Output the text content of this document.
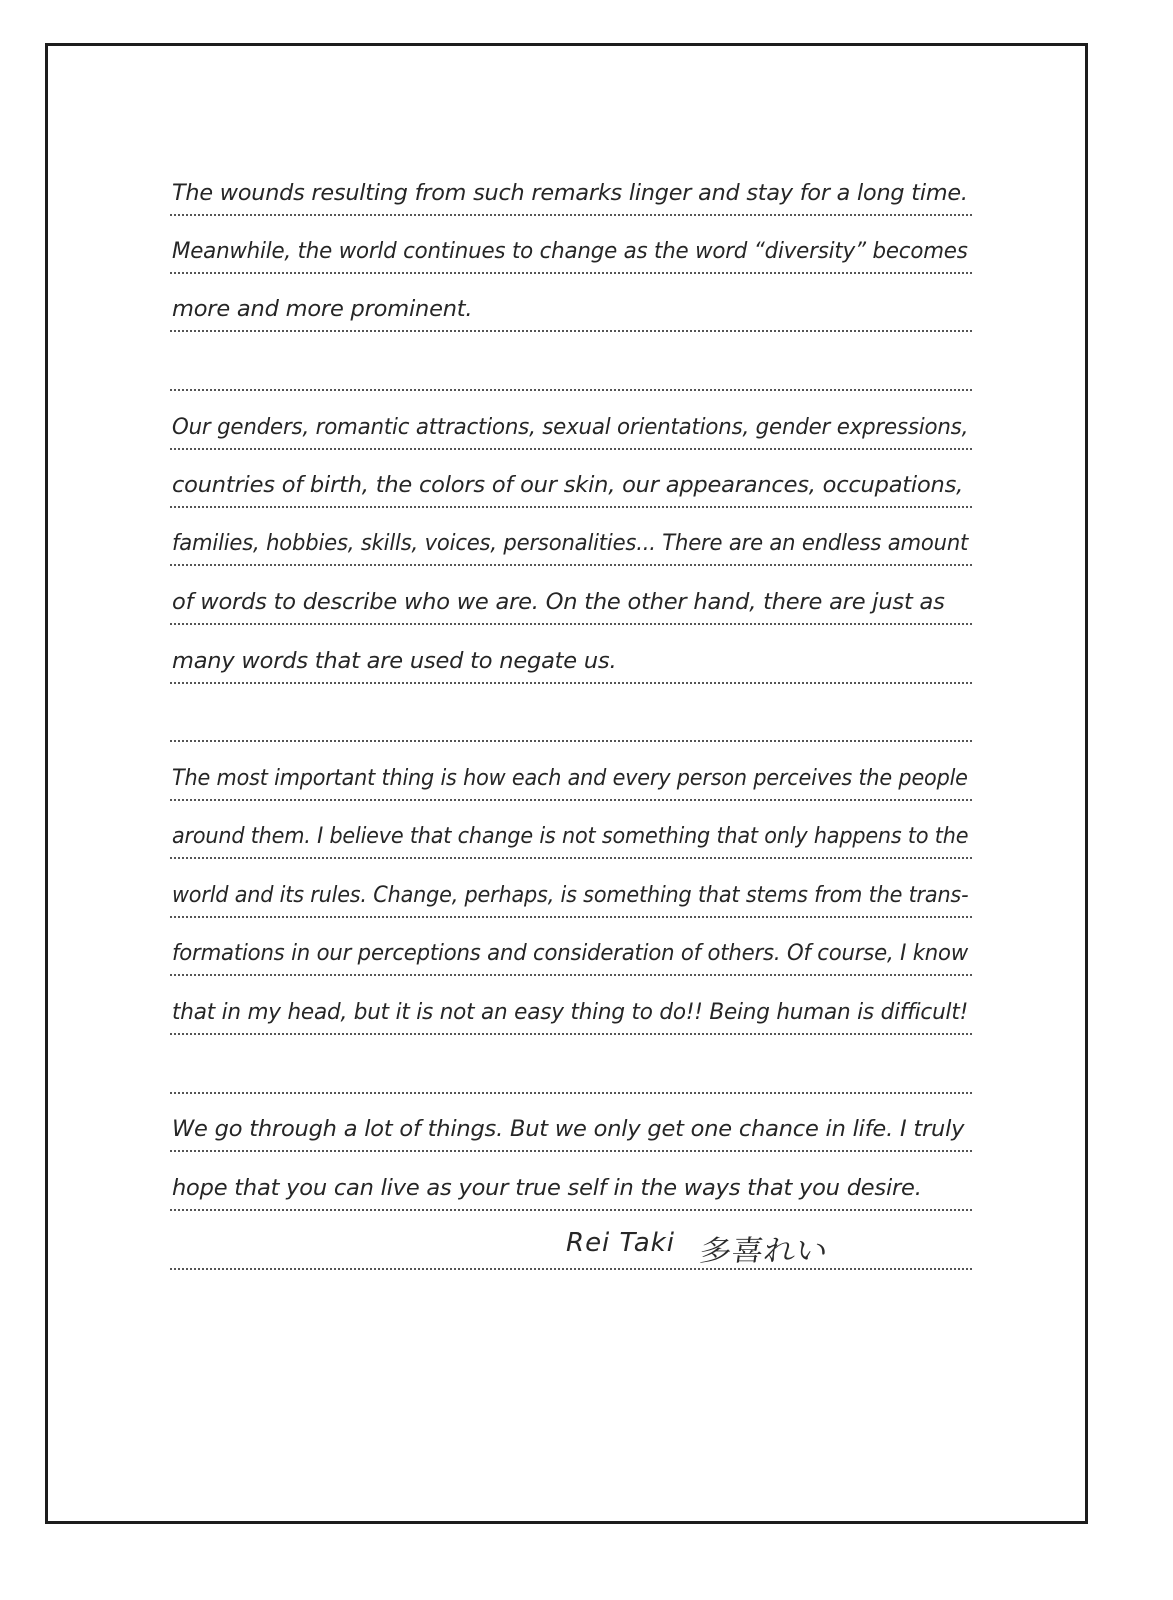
The wounds resulting from such remarks linger and stay for a long time.
Meanwhile, the world continues to change as the word “diversity” becomes
more and more prominent.
Our genders, romantic attractions, sexual orientations, gender expressions,
countries of birth, the colors of our skin, our appearances, occupations,
families, hobbies, skills, voices, personalities... There are an endless amount
of words to describe who we are. On the other hand, there are just as
many words that are used to negate us.
The most important thing is how each and every person perceives the people
around them. I believe that change is not something that only happens to the
world and its rules. Change, perhaps, is something that stems from the trans-
formations in our perceptions and consideration of others. Of course, I know
that in my head, but it is not an easy thing to do!! Being human is difficult!
We go through a lot of things. But we only get one chance in life. I truly
hope that you can live as your true self in the ways that you desire.
Rei Taki 多喜れい
